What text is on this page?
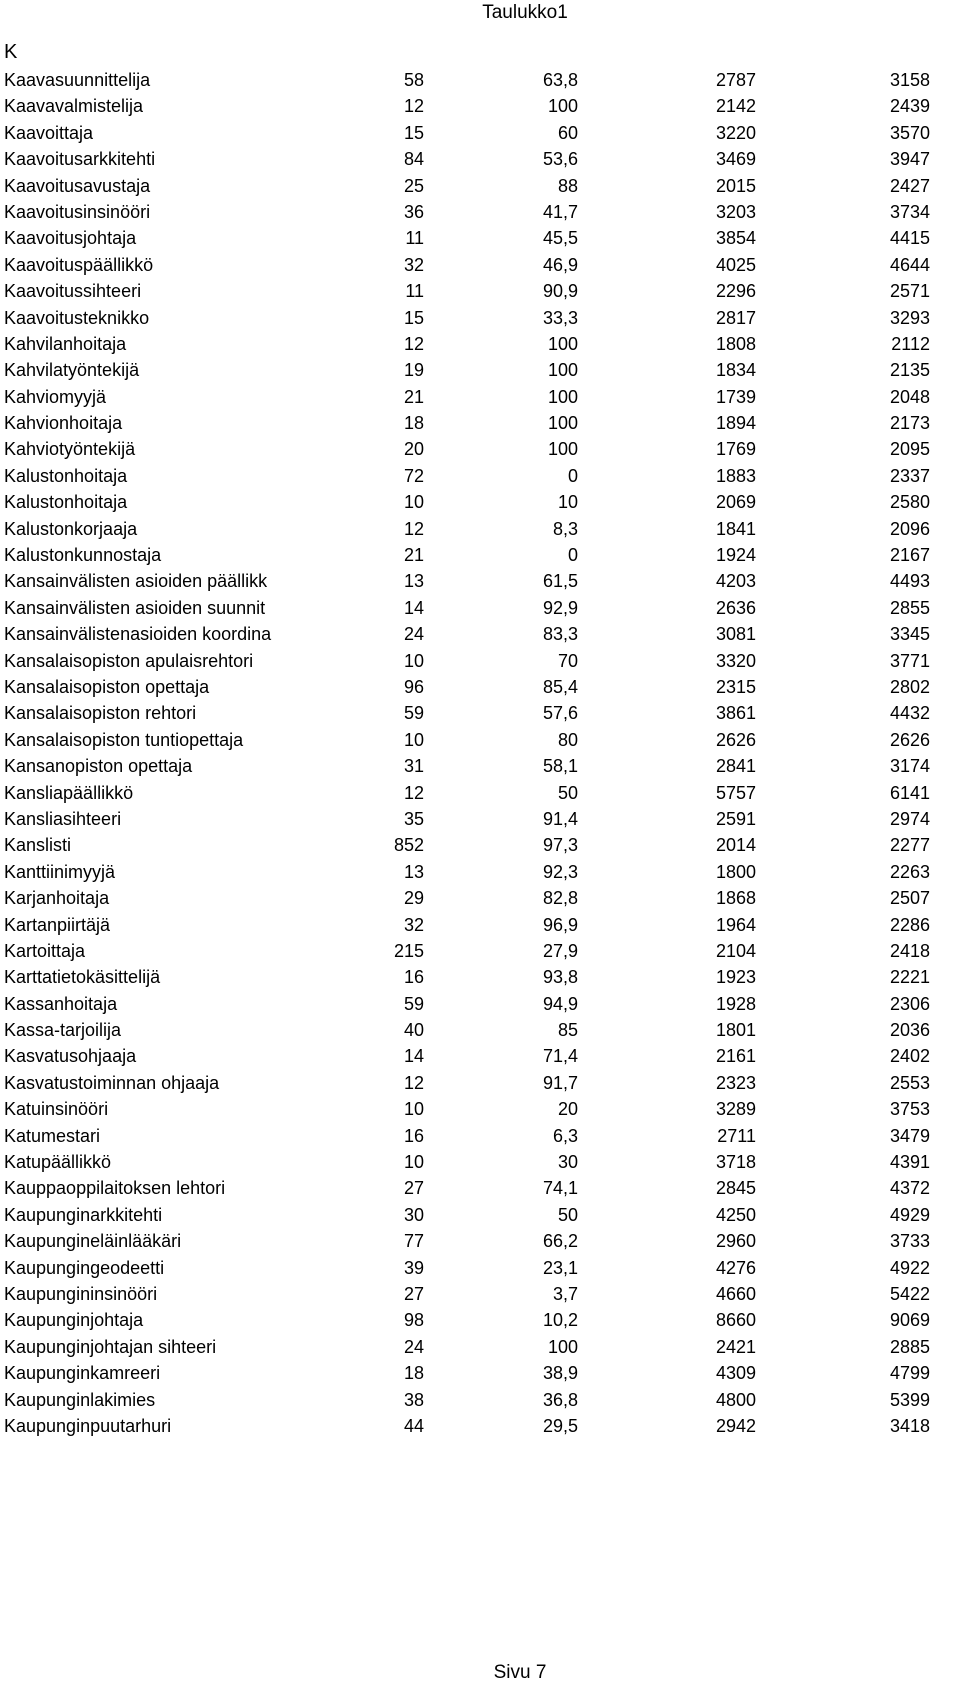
Taulukko1
K
Kaavasuunnittelija	58	63,8	2787	3158
Kaavavalmistelija	12	100	2142	2439
Kaavoittaja	15	60	3220	3570
Kaavoitusarkkitehti	84	53,6	3469	3947
Kaavoitusavustaja	25	88	2015	2427
Kaavoitusinsinööri	36	41,7	3203	3734
Kaavoitusjohtaja	11	45,5	3854	4415
Kaavoituspäällikkö	32	46,9	4025	4644
Kaavoitussihteeri	11	90,9	2296	2571
Kaavoitusteknikko	15	33,3	2817	3293
Kahvilanhoitaja	12	100	1808	2112
Kahvilatyöntekijä	19	100	1834	2135
Kahviomyyjä	21	100	1739	2048
Kahvionhoitaja	18	100	1894	2173
Kahviotyöntekijä	20	100	1769	2095
Kalustonhoitaja	72	0	1883	2337
Kalustonhoitaja	10	10	2069	2580
Kalustonkorjaaja	12	8,3	1841	2096
Kalustonkunnostaja	21	0	1924	2167
Kansainvälisten asioiden päällikk	13	61,5	4203	4493
Kansainvälisten asioiden suunnit	14	92,9	2636	2855
Kansainvälistenasioiden koordina	24	83,3	3081	3345
Kansalaisopiston apulaisrehtori	10	70	3320	3771
Kansalaisopiston opettaja	96	85,4	2315	2802
Kansalaisopiston rehtori	59	57,6	3861	4432
Kansalaisopiston tuntiopettaja	10	80	2626	2626
Kansanopiston opettaja	31	58,1	2841	3174
Kansliapäällikkö	12	50	5757	6141
Kansliasihteeri	35	91,4	2591	2974
Kanslisti	852	97,3	2014	2277
Kanttiinimyyjä	13	92,3	1800	2263
Karjanhoitaja	29	82,8	1868	2507
Kartanpiirtäjä	32	96,9	1964	2286
Kartoittaja	215	27,9	2104	2418
Karttatietokäsittelijä	16	93,8	1923	2221
Kassanhoitaja	59	94,9	1928	2306
Kassa-tarjoilija	40	85	1801	2036
Kasvatusohjaaja	14	71,4	2161	2402
Kasvatustoiminnan ohjaaja	12	91,7	2323	2553
Katuinsinööri	10	20	3289	3753
Katumestari	16	6,3	2711	3479
Katupäällikkö	10	30	3718	4391
Kauppaoppilaitoksen lehtori	27	74,1	2845	4372
Kaupunginarkkitehti	30	50	4250	4929
Kaupungineläinlääkäri	77	66,2	2960	3733
Kaupungingeodeetti	39	23,1	4276	4922
Kaupungininsinööri	27	3,7	4660	5422
Kaupunginjohtaja	98	10,2	8660	9069
Kaupunginjohtajan sihteeri	24	100	2421	2885
Kaupunginkamreeri	18	38,9	4309	4799
Kaupunginlakimies	38	36,8	4800	5399
Kaupunginpuutarhuri	44	29,5	2942	3418
Sivu 7
